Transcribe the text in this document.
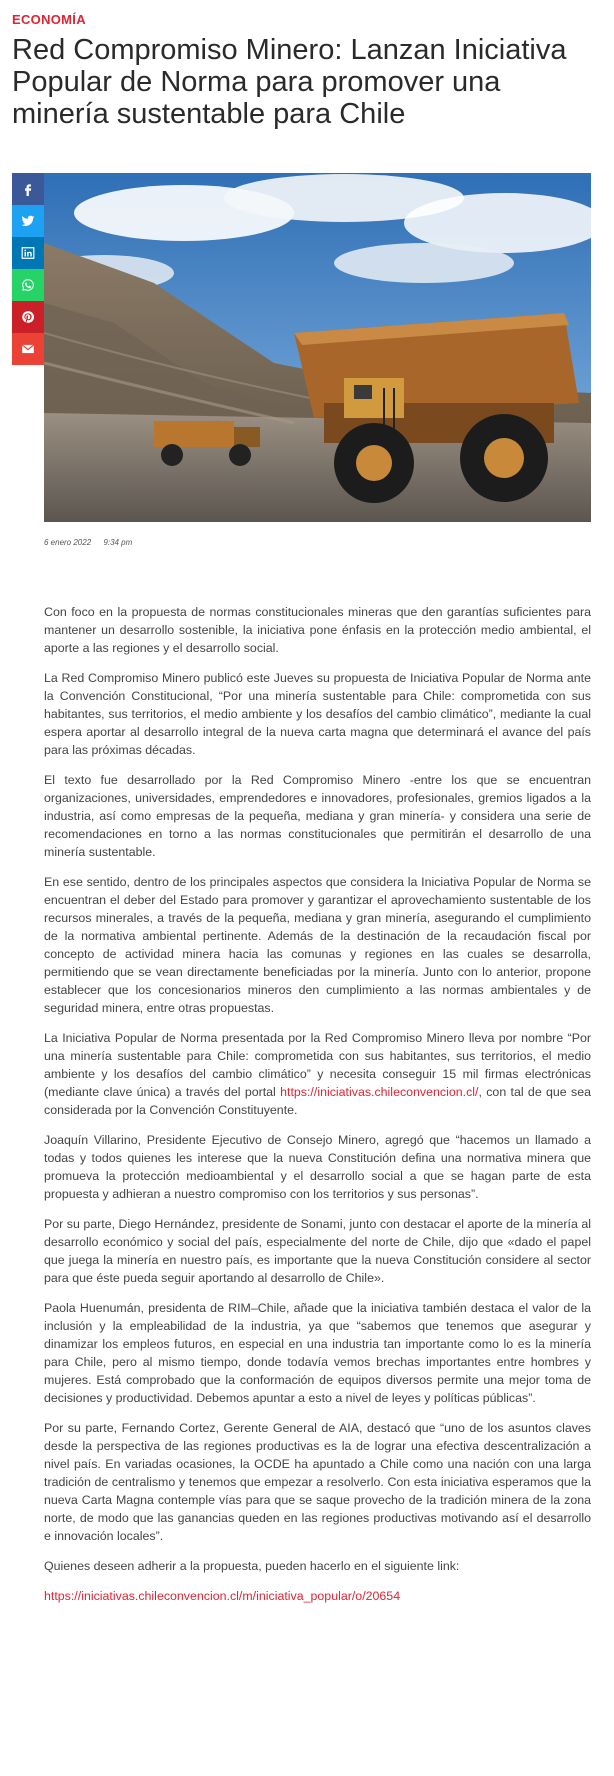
ECONOMÍA
Red Compromiso Minero: Lanzan Iniciativa Popular de Norma para promover una minería sustentable para Chile
6 enero 2022 9:34 pm

Con foco en la propuesta de normas constitucionales mineras que den garantías suficientes para mantener un desarrollo sostenible, la iniciativa pone énfasis en la protección medio ambiental, el aporte a las regiones y el desarrollo social.

La Red Compromiso Minero publicó este Jueves su propuesta de Iniciativa Popular de Norma ante la Convención Constitucional, “Por una minería sustentable para Chile: comprometida con sus habitantes, sus territorios, el medio ambiente y los desafíos del cambio climático”, mediante la cual espera aportar al desarrollo integral de la nueva carta magna que determinará el avance del país para las próximas décadas.

El texto fue desarrollado por la Red Compromiso Minero -entre los que se encuentran organizaciones, universidades, emprendedores e innovadores, profesionales, gremios ligados a la industria, así como empresas de la pequeña, mediana y gran minería- y considera una serie de recomendaciones en torno a las normas constitucionales que permitirán el desarrollo de una minería sustentable.

En ese sentido, dentro de los principales aspectos que considera la Iniciativa Popular de Norma se encuentran el deber del Estado para promover y garantizar el aprovechamiento sustentable de los recursos minerales, a través de la pequeña, mediana y gran minería, asegurando el cumplimiento de la normativa ambiental pertinente. Además de la destinación de la recaudación fiscal por concepto de actividad minera hacia las comunas y regiones en las cuales se desarrolla, permitiendo que se vean directamente beneficiadas por la minería. Junto con lo anterior, propone establecer que los concesionarios mineros den cumplimiento a las normas ambientales y de seguridad minera, entre otras propuestas.

La Iniciativa Popular de Norma presentada por la Red Compromiso Minero lleva por nombre “Por una minería sustentable para Chile: comprometida con sus habitantes, sus territorios, el medio ambiente y los desafíos del cambio climático” y necesita conseguir 15 mil firmas electrónicas (mediante clave única) a través del portal https://iniciativas.chileconvencion.cl/, con tal de que sea considerada por la Convención Constituyente.

Joaquín Villarino, Presidente Ejecutivo de Consejo Minero, agregó que “hacemos un llamado a todas y todos quienes les interese que la nueva Constitución defina una normativa minera que promueva la protección medioambiental y el desarrollo social a que se hagan parte de esta propuesta y adhieran a nuestro compromiso con los territorios y sus personas”.

Por su parte, Diego Hernández, presidente de Sonami, junto con destacar el aporte de la minería al desarrollo económico y social del país, especialmente del norte de Chile, dijo que «dado el papel que juega la minería en nuestro país, es importante que la nueva Constitución considere al sector para que éste pueda seguir aportando al desarrollo de Chile».

Paola Huenumán, presidenta de RIM–Chile, añade que la iniciativa también destaca el valor de la inclusión y la empleabilidad de la industria, ya que “sabemos que tenemos que asegurar y dinamizar los empleos futuros, en especial en una industria tan importante como lo es la minería para Chile, pero al mismo tiempo, donde todavía vemos brechas importantes entre hombres y mujeres. Está comprobado que la conformación de equipos diversos permite una mejor toma de decisiones y productividad. Debemos apuntar a esto a nivel de leyes y políticas públicas”.

Por su parte, Fernando Cortez, Gerente General de AIA, destacó que “uno de los asuntos claves desde la perspectiva de las regiones productivas es la de lograr una efectiva descentralización a nivel país. En variadas ocasiones, la OCDE ha apuntado a Chile como una nación con una larga tradición de centralismo y tenemos que empezar a resolverlo. Con esta iniciativa esperamos que la nueva Carta Magna contemple vías para que se saque provecho de la tradición minera de la zona norte, de modo que las ganancias queden en las regiones productivas motivando así el desarrollo e innovación locales”.

Quienes deseen adherir a la propuesta, pueden hacerlo en el siguiente link:

https://iniciativas.chileconvencion.cl/m/iniciativa_popular/o/20654
